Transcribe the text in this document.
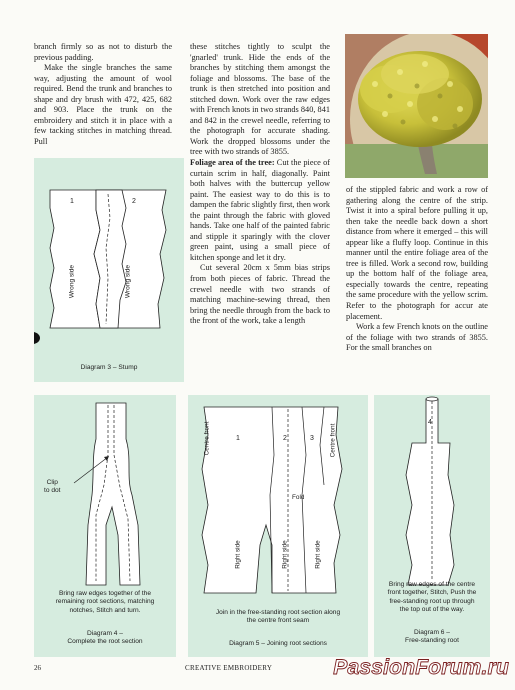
branch firmly so as not to disturb the previous padding.

Make the single branches the same way, adjusting the amount of wool required. Bend the trunk and branches to shape and dry brush with 472, 425, 682 and 903. Place the trunk on the embroidery and stitch it in place with a few tacking stitches in matching thread. Pull

these stitches tightly to sculpt the 'gnarled' trunk. Hide the ends of the branches by stitching them amongst the foliage and blossoms. The base of the trunk is then stretched into position and stitched down. Work over the raw edges with French knots in two strands 840, 841 and 842 in the crewel needle, referring to the photograph for accurate shading. Work the dropped blossoms under the tree with two strands of 3855.

Foliage area of the tree: Cut the piece of curtain scrim in half, diagonally. Paint both halves with the buttercup yellow paint. The easiest way to do this is to dampen the fabric slightly first, then work the paint through the fabric with gloved hands. Take one half of the painted fabric and stipple it sparingly with the clover green paint, using a small piece of kitchen sponge and let it dry.

Cut several 20cm x 5mm bias strips from both pieces of fabric. Thread the crewel needle with two strands of matching machine-sewing thread, then bring the needle through from the back to the front of the work, take a length

of the stippled fabric and work a row of gathering along the centre of the strip. Twist it into a spiral before pulling it up, then take the needle back down a short distance from where it emerged – this will appear like a fluffy loop. Continue in this manner until the entire foliage area of the tree is filled. Work a second row, building up the bottom half of the foliage area, especially towards the centre, repeating the same procedure with the yellow scrim. Refer to the photograph for accur ate placement.

Work a few French knots on the outline of the foliage with two strands of 3855. For the small branches on

1	2
Wrong side	Wrong side
Diagram 3 – Stump
Clip
to dot
Bring raw edges together of the
remaining root sections, matching
notches, Stitch and turn.
Diagram 4 –
Complete the root section
Centre front	Centre front
1	2	3
Fold
Right side	Right side	Right side
Join in the free-standing root section along
the centre front seam
Diagram 5 – Joining root sections
4
Bring raw edges of the centre
front together, Stitch, Push the
free-standing root up through
the top out of the way.
Diagram 6 –
Free-standing root
26	CREATIVE EMBROIDERY	PassionForum.ru
